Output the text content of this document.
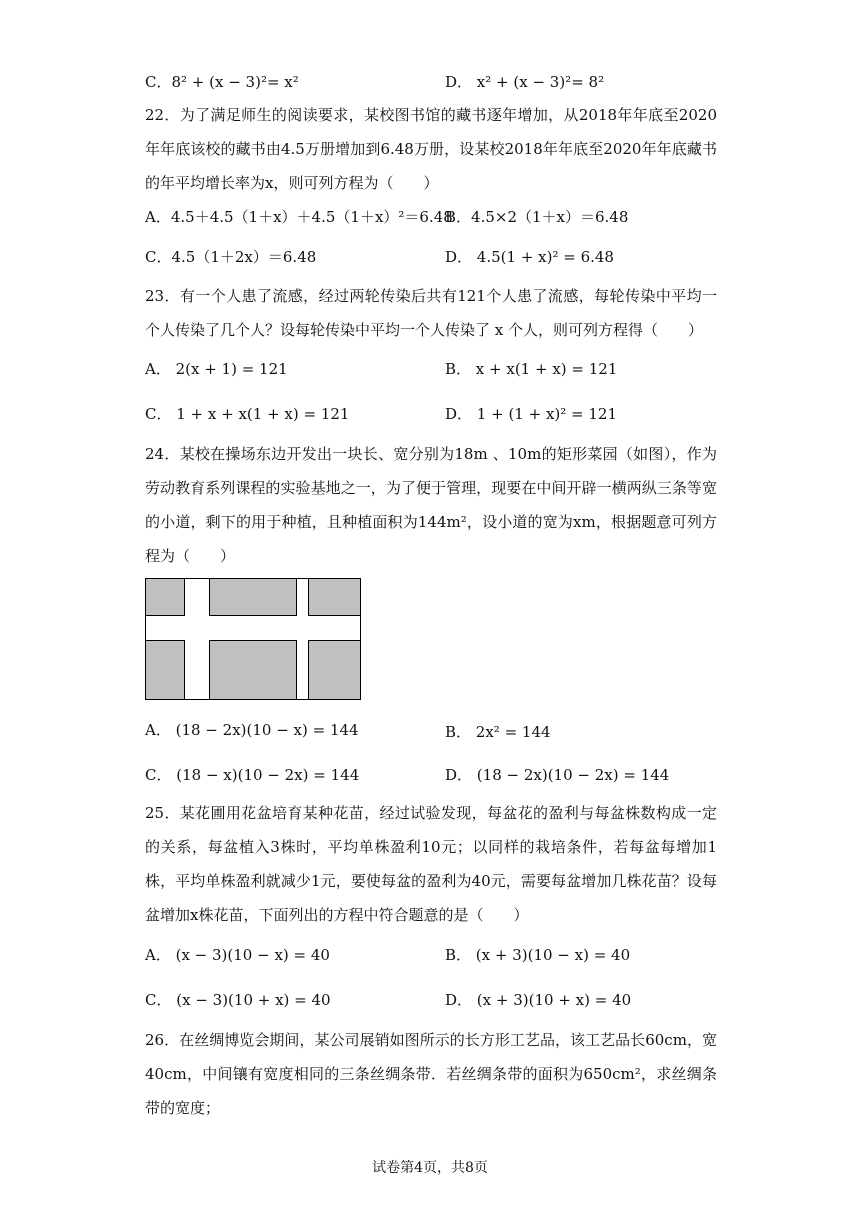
C．8² + (x − 3)²= x²	D． x² + (x − 3)²= 8²
22．为了满足师生的阅读要求，某校图书馆的藏书逐年增加，从2018年年底至2020年年底该校的藏书由4.5万册增加到6.48万册，设某校2018年年底至2020年年底藏书的年平均增长率为x，则可列方程为（　　）
A．4.5＋4.5（1＋x）＋4.5（1＋x）²＝6.48
B．4.5×2（1＋x）＝6.48
C．4.5（1＋2x）＝6.48	D． 4.5(1 + x)² = 6.48
23．有一个人患了流感，经过两轮传染后共有121个人患了流感，每轮传染中平均一个人传染了几个人？设每轮传染中平均一个人传染了 x 个人，则可列方程得（　　）
A． 2(x + 1) = 121	B． x + x(1 + x) = 121
C． 1 + x + x(1 + x) = 121	D． 1 + (1 + x)² = 121
24．某校在操场东边开发出一块长、宽分别为18m 、10m的矩形菜园（如图），作为劳动教育系列课程的实验基地之一，为了便于管理，现要在中间开辟一横两纵三条等宽的小道，剩下的用于种植，且种植面积为144m²，设小道的宽为xm，根据题意可列方程为（　　）
A． (18 − 2x)(10 − x) = 144	B． 2x² = 144
C． (18 − x)(10 − 2x) = 144	D． (18 − 2x)(10 − 2x) = 144
25．某花圃用花盆培育某种花苗，经过试验发现，每盆花的盈利与每盆株数构成一定的关系，每盆植入3株时，平均单株盈利10元；以同样的栽培条件，若每盆每增加1株，平均单株盈利就减少1元，要使每盆的盈利为40元，需要每盆增加几株花苗？设每盆增加x株花苗，下面列出的方程中符合题意的是（　　）
A． (x − 3)(10 − x) = 40	B． (x + 3)(10 − x) = 40
C． (x − 3)(10 + x) = 40	D． (x + 3)(10 + x) = 40
26．在丝绸博览会期间，某公司展销如图所示的长方形工艺品，该工艺品长60cm，宽40cm，中间镶有宽度相同的三条丝绸条带．若丝绸条带的面积为650cm²，求丝绸条带的宽度；
试卷第4页，共8页
